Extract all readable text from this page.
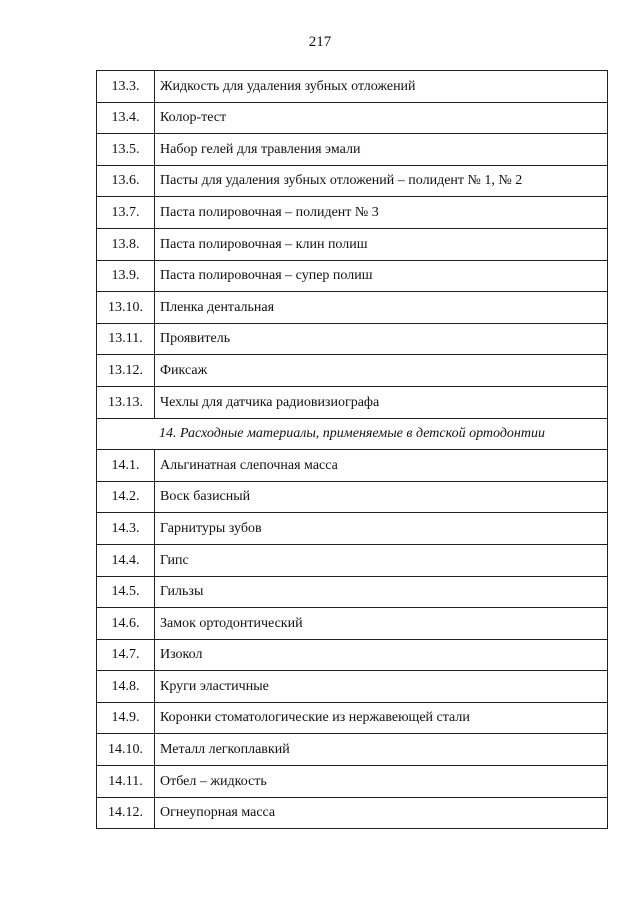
217
13.3.	Жидкость для удаления зубных отложений
13.4.	Колор-тест
13.5.	Набор гелей для травления эмали
13.6.	Пасты для удаления зубных отложений – полидент № 1, № 2
13.7.	Паста полировочная – полидент № 3
13.8.	Паста полировочная – клин полиш
13.9.	Паста полировочная – супер полиш
13.10.	Пленка дентальная
13.11.	Проявитель
13.12.	Фиксаж
13.13.	Чехлы для датчика радиовизиографа
14. Расходные материалы, применяемые в детской ортодонтии	
14.1.	Альгинатная слепочная масса
14.2.	Воск базисный
14.3.	Гарнитуры зубов
14.4.	Гипс
14.5.	Гильзы
14.6.	Замок ортодонтический
14.7.	Изокол
14.8.	Круги эластичные
14.9.	Коронки стоматологические из нержавеющей стали
14.10.	Металл легкоплавкий
14.11.	Отбел – жидкость
14.12.	Огнеупорная масса
